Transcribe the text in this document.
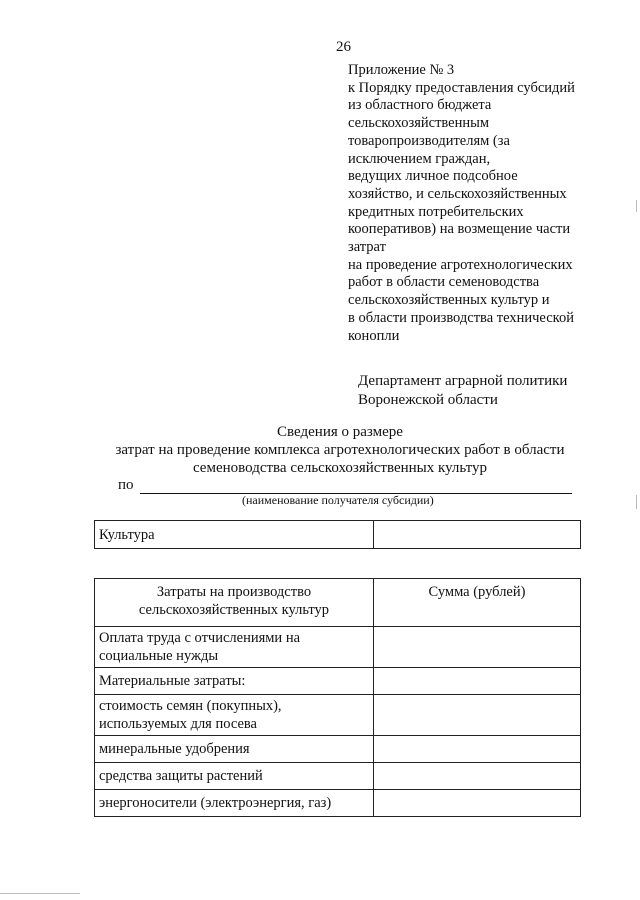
26
Приложение № 3
к Порядку предоставления субсидий
из областного бюджета
сельскохозяйственным
товаропроизводителям (за
исключением граждан,
ведущих личное подсобное
хозяйство, и сельскохозяйственных
кредитных потребительских
кооперативов) на возмещение части
затрат
на проведение агротехнологических
работ в области семеноводства
сельскохозяйственных культур и
в области производства технической
конопли
Департамент аграрной политики
Воронежской области
Сведения о размере
затрат на проведение комплекса агротехнологических работ в области
семеноводства сельскохозяйственных культур
по
(наименование получателя субсидии)
Культура	
Затраты на производство
сельскохозяйственных культур	Сумма (рублей)

Оплата труда с отчислениями на
социальные нужды	

Материальные затраты:	

стоимость семян (покупных),
используемых для посева	

минеральные удобрения	
средства защиты растений	
энергоносители (электроэнергия, газ)	
